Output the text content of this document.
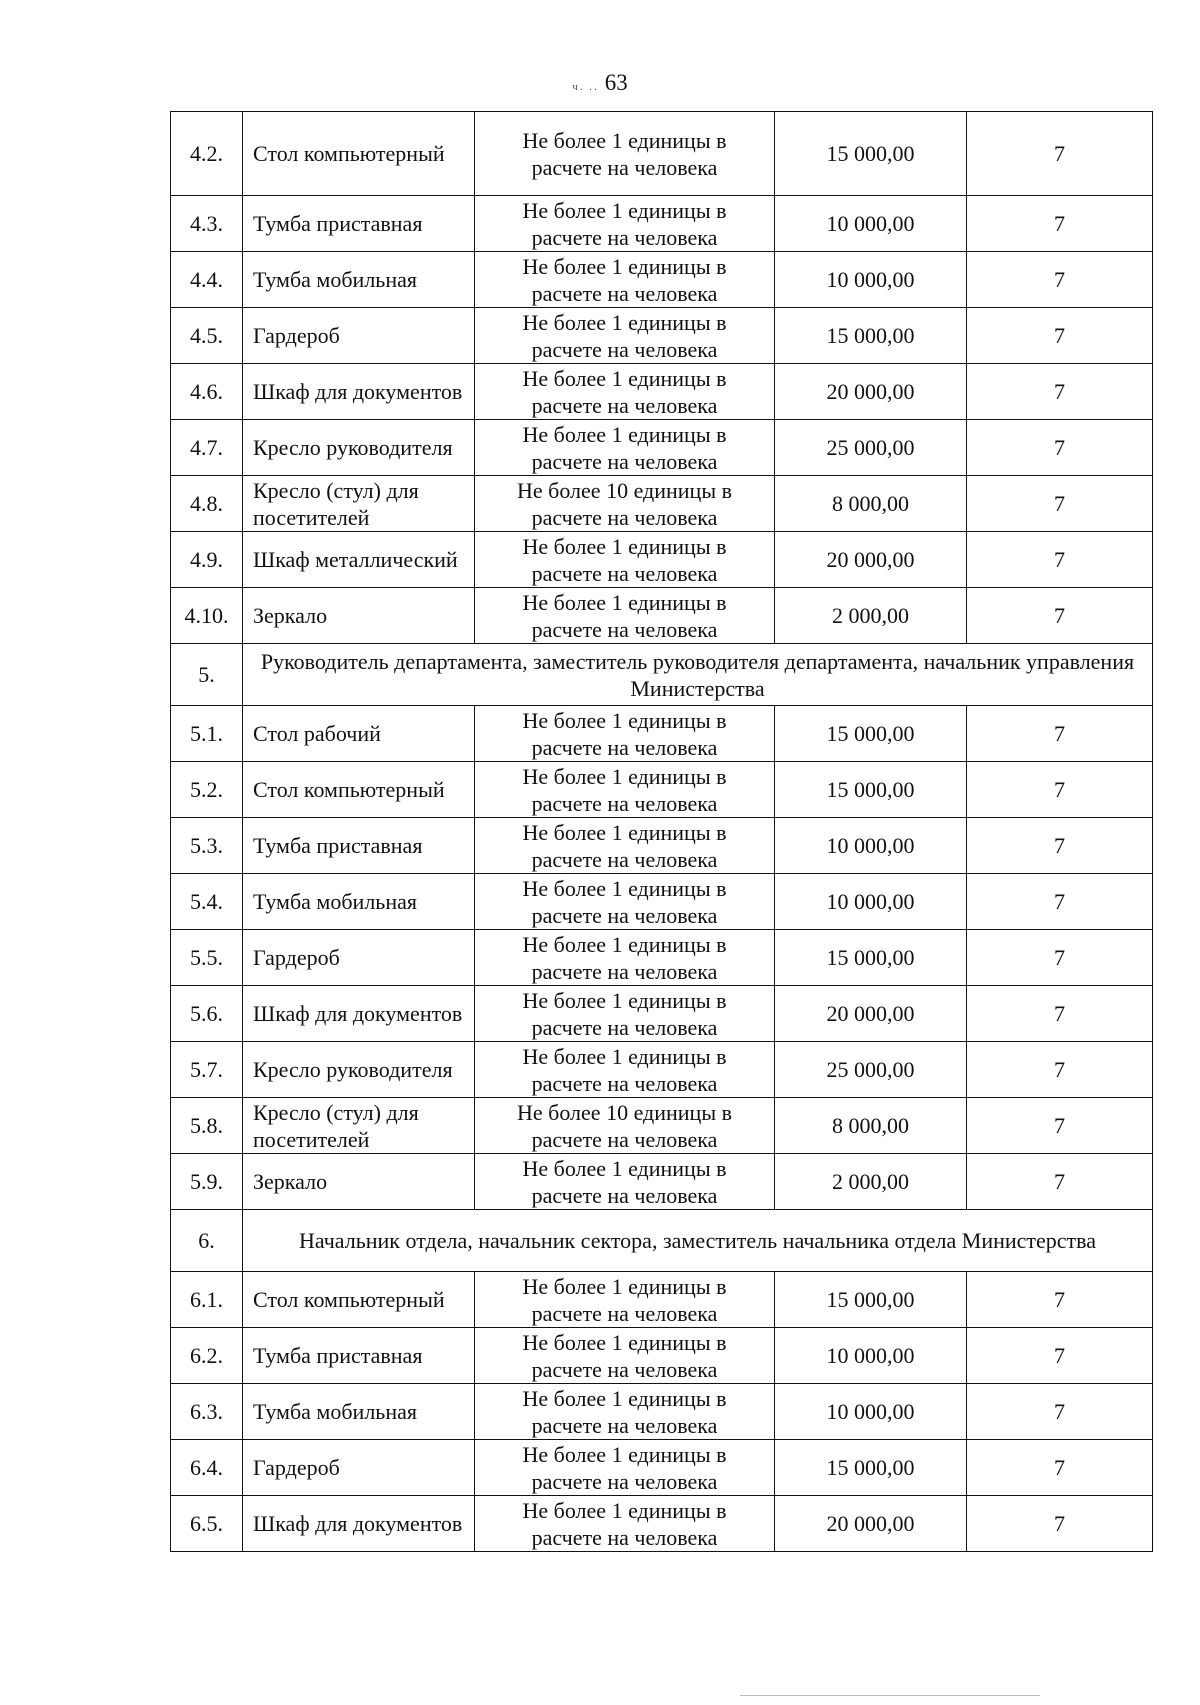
ч. .. 63
4.2.	Стол компьютерный	Не более 1 единицы в расчете на человека	15 000,00	7
4.3.	Тумба приставная	Не более 1 единицы в расчете на человека	10 000,00	7
4.4.	Тумба мобильная	Не более 1 единицы в расчете на человека	10 000,00	7
4.5.	Гардероб	Не более 1 единицы в расчете на человека	15 000,00	7
4.6.	Шкаф для документов	Не более 1 единицы в расчете на человека	20 000,00	7
4.7.	Кресло руководителя	Не более 1 единицы в расчете на человека	25 000,00	7
4.8.	Кресло (стул) для посетителей	Не более 10 единицы в расчете на человека	8 000,00	7
4.9.	Шкаф металлический	Не более 1 единицы в расчете на человека	20 000,00	7
4.10.	Зеркало	Не более 1 единицы в расчете на человека	2 000,00	7
5.	Руководитель департамента, заместитель руководителя департамента, начальник управления Министерства			
5.1.	Стол рабочий	Не более 1 единицы в расчете на человека	15 000,00	7
5.2.	Стол компьютерный	Не более 1 единицы в расчете на человека	15 000,00	7
5.3.	Тумба приставная	Не более 1 единицы в расчете на человека	10 000,00	7
5.4.	Тумба мобильная	Не более 1 единицы в расчете на человека	10 000,00	7
5.5.	Гардероб	Не более 1 единицы в расчете на человека	15 000,00	7
5.6.	Шкаф для документов	Не более 1 единицы в расчете на человека	20 000,00	7
5.7.	Кресло руководителя	Не более 1 единицы в расчете на человека	25 000,00	7
5.8.	Кресло (стул) для посетителей	Не более 10 единицы в расчете на человека	8 000,00	7
5.9.	Зеркало	Не более 1 единицы в расчете на человека	2 000,00	7
6.	Начальник отдела, начальник сектора, заместитель начальника отдела Министерства			
6.1.	Стол компьютерный	Не более 1 единицы в расчете на человека	15 000,00	7
6.2.	Тумба приставная	Не более 1 единицы в расчете на человека	10 000,00	7
6.3.	Тумба мобильная	Не более 1 единицы в расчете на человека	10 000,00	7
6.4.	Гардероб	Не более 1 единицы в расчете на человека	15 000,00	7
6.5.	Шкаф для документов	Не более 1 единицы в расчете на человека	20 000,00	7
